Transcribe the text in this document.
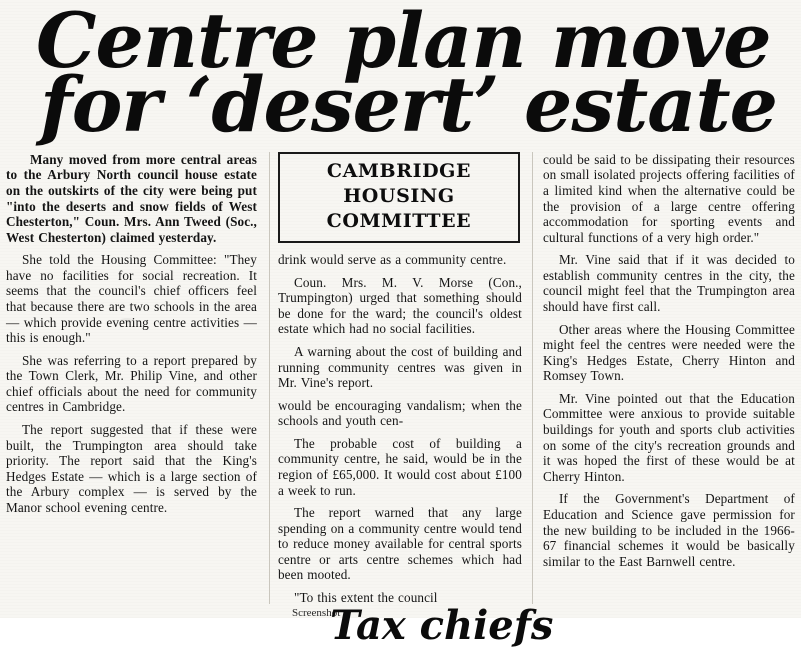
Centre plan move
for ‘desert’ estate

Many moved from more central areas to the Arbury North council house estate on the outskirts of the city were being put "into the deserts and snow fields of West Chesterton," Coun. Mrs. Ann Tweed (Soc., West Chesterton) claimed yesterday.

She told the Housing Committee: "They have no facilities for social recreation. It seems that the council's chief officers feel that because there are two schools in the area — which provide evening centre activities — this is enough."

She was referring to a report prepared by the Town Clerk, Mr. Philip Vine, and other chief officials about the need for community centres in Cambridge.

The report suggested that if these were built, the Trumpington area should take priority. The report said that the King's Hedges Estate — which is a large section of the Arbury complex — is served by the Manor school evening centre.

CAMBRIDGE
HOUSING
COMMITTEE

drink would serve as a community centre.

Coun. Mrs. M. V. Morse (Con., Trumpington) urged that something should be done for the ward; the council's oldest estate which had no social facilities.

A warning about the cost of building and running community centres was given in Mr. Vine's report.

would be encouraging vandalism; when the schools and youth cen-

The probable cost of building a community centre, he said, would be in the region of £65,000. It would cost about £100 a week to run.

The report warned that any large spending on a community centre would tend to reduce money available for central sports centre or arts centre schemes which had been mooted.

"To this extent the council

could be said to be dissipating their resources on small isolated projects offering facilities of a limited kind when the alternative could be the provision of a large centre offering accommodation for sporting events and cultural functions of a very high order."

Mr. Vine said that if it was decided to establish community centres in the city, the council might feel that the Trumpington area should have first call.

Other areas where the Housing Committee might feel the centres were needed were the King's Hedges Estate, Cherry Hinton and Romsey Town.

Mr. Vine pointed out that the Education Committee were anxious to provide suitable buildings for youth and sports club activities on some of the city's recreation grounds and it was hoped the first of these would be at Cherry Hinton.

If the Government's Department of Education and Science gave permission for the new building to be included in the 1966-67 financial schemes it would be basically similar to the East Barnwell centre.

Screenshot
Tax chiefs
